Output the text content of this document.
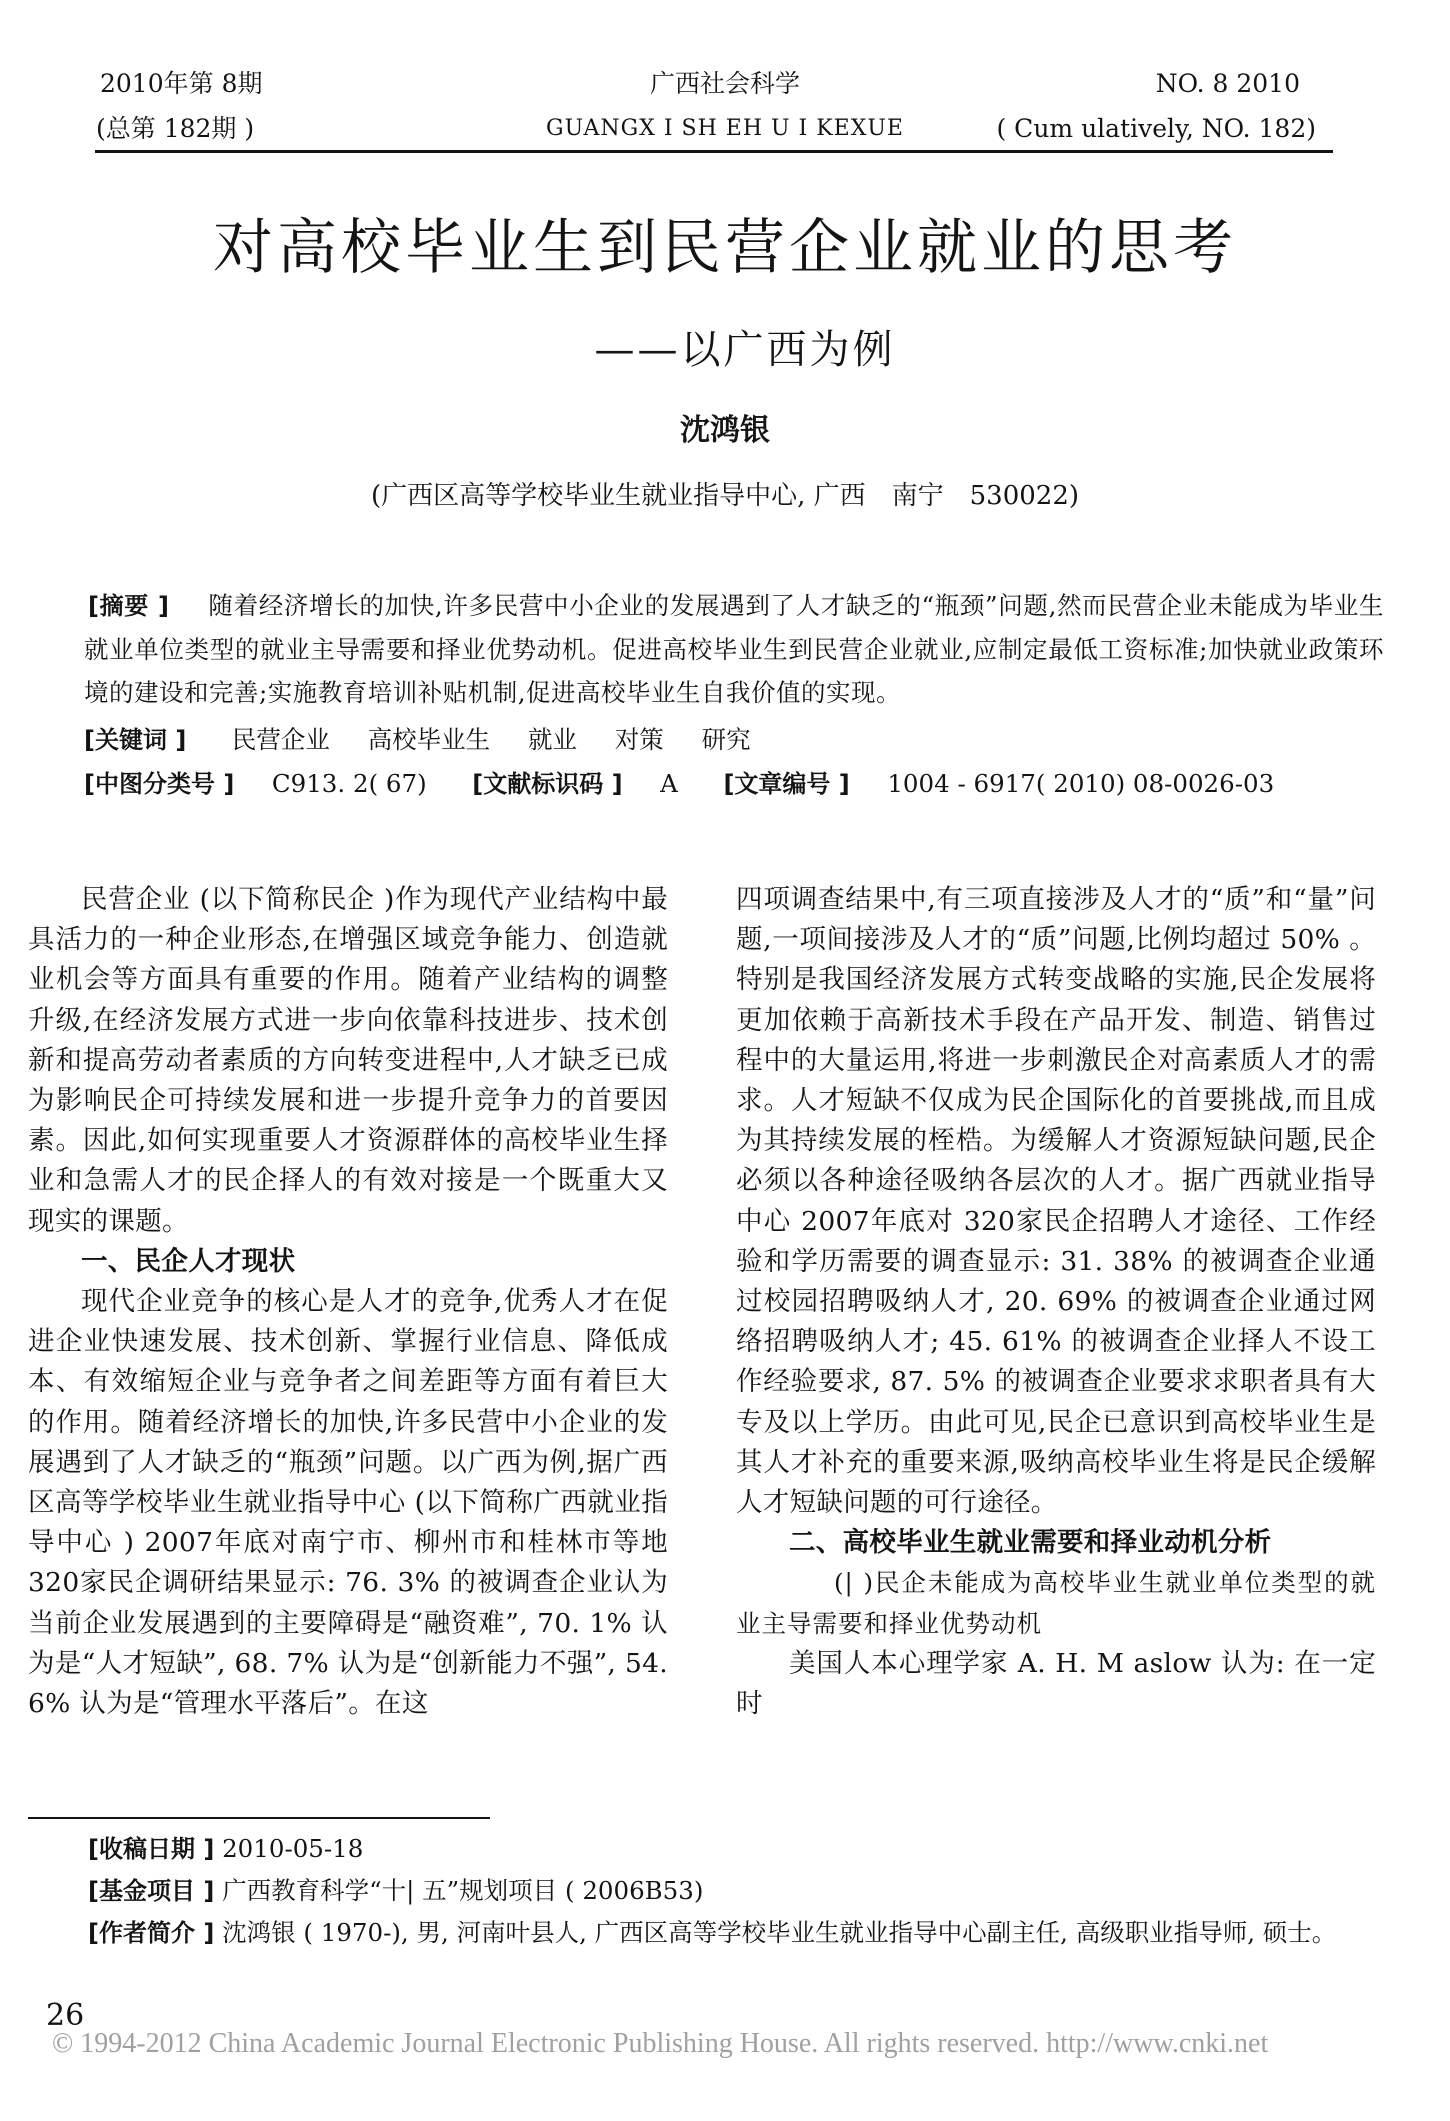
2010年第 8期
(总第 182期 )
广西社会科学
GUANGX I SH EH U I KEXUE
NO. 8 2010
( Cum ulatively, NO. 182)
对高校毕业生到民营企业就业的思考
——以广西为例
沈鸿银
(广西区高等学校毕业生就业指导中心, 广西　南宁　530022)
[摘要 ] 随着经济增长的加快,许多民营中小企业的发展遇到了人才缺乏的“瓶颈”问题,然而民营企业未能成为毕业生就业单位类型的就业主导需要和择业优势动机。促进高校毕业生到民营企业就业,应制定最低工资标准;加快就业政策环境的建设和完善;实施教育培训补贴机制,促进高校毕业生自我价值的实现。
[关键词 ] 民营企业 高校毕业生 就业 对策 研究
[中图分类号 ] C913. 2( 67) [文献标识码 ] A [文章编号 ] 1004 - 6917( 2010) 08-0026-03

民营企业 (以下简称民企 )作为现代产业结构中最具活力的一种企业形态,在增强区域竞争能力、创造就业机会等方面具有重要的作用。随着产业结构的调整升级,在经济发展方式进一步向依靠科技进步、技术创新和提高劳动者素质的方向转变进程中,人才缺乏已成为影响民企可持续发展和进一步提升竞争力的首要因素。因此,如何实现重要人才资源群体的高校毕业生择业和急需人才的民企择人的有效对接是一个既重大又现实的课题。

一、民企人才现状

现代企业竞争的核心是人才的竞争,优秀人才在促进企业快速发展、技术创新、掌握行业信息、降低成本、有效缩短企业与竞争者之间差距等方面有着巨大的作用。随着经济增长的加快,许多民营中小企业的发展遇到了人才缺乏的“瓶颈”问题。以广西为例,据广西区高等学校毕业生就业指导中心 (以下简称广西就业指导中心 ) 2007年底对南宁市、柳州市和桂林市等地 320家民企调研结果显示: 76. 3% 的被调查企业认为当前企业发展遇到的主要障碍是“融资难”, 70. 1% 认为是“人才短缺”, 68. 7% 认为是“创新能力不强”, 54. 6% 认为是“管理水平落后”。在这

四项调查结果中,有三项直接涉及人才的“质”和“量”问题,一项间接涉及人才的“质”问题,比例均超过 50% 。特别是我国经济发展方式转变战略的实施,民企发展将更加依赖于高新技术手段在产品开发、制造、销售过程中的大量运用,将进一步刺激民企对高素质人才的需求。人才短缺不仅成为民企国际化的首要挑战,而且成为其持续发展的桎梏。为缓解人才资源短缺问题,民企必须以各种途径吸纳各层次的人才。据广西就业指导中心 2007年底对 320家民企招聘人才途径、工作经验和学历需要的调查显示: 31. 38% 的被调查企业通过校园招聘吸纳人才, 20. 69% 的被调查企业通过网络招聘吸纳人才; 45. 61% 的被调查企业择人不设工作经验要求, 87. 5% 的被调查企业要求求职者具有大专及以上学历。由此可见,民企已意识到高校毕业生是其人才补充的重要来源,吸纳高校毕业生将是民企缓解人才短缺问题的可行途径。

二、高校毕业生就业需要和择业动机分析

(| )民企未能成为高校毕业生就业单位类型的就业主导需要和择业优势动机

美国人本心理学家 A. H. M aslow 认为: 在一定时

[收稿日期 ] 2010-05-18

[基金项目 ] 广西教育科学“十| 五”规划项目 ( 2006B53)

[作者简介 ] 沈鸿银 ( 1970-), 男, 河南叶县人, 广西区高等学校毕业生就业指导中心副主任, 高级职业指导师, 硕士。

26
© 1994-2012 China Academic Journal Electronic Publishing House. All rights reserved. http://www.cnki.net
